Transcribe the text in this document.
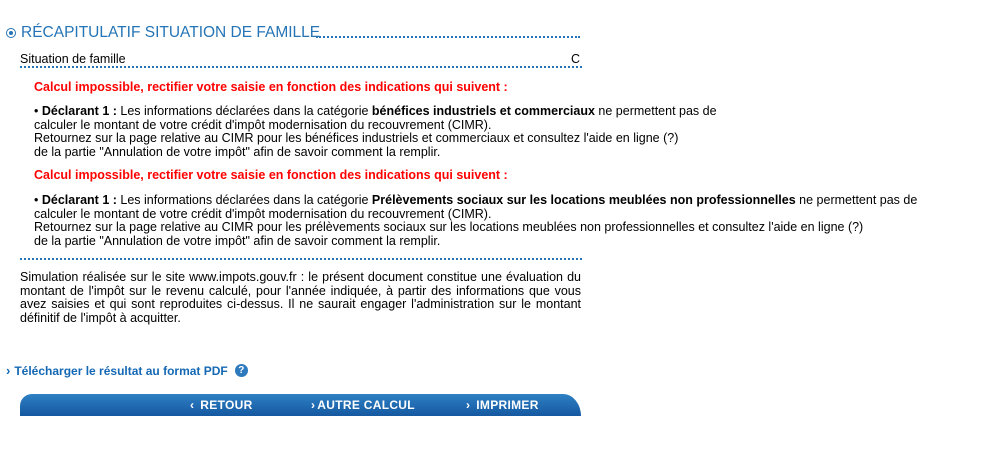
RÉCAPITULATIF SITUATION DE FAMILLE
Situation de famille	C
Calcul impossible, rectifier votre saisie en fonction des indications qui suivent :
• Déclarant 1 : Les informations déclarées dans la catégorie bénéfices industriels et commerciaux ne permettent pas de
calculer le montant de votre crédit d'impôt modernisation du recouvrement (CIMR).
Retournez sur la page relative au CIMR pour les bénéfices industriels et commerciaux et consultez l'aide en ligne (?)
de la partie "Annulation de votre impôt" afin de savoir comment la remplir.
Calcul impossible, rectifier votre saisie en fonction des indications qui suivent :
• Déclarant 1 : Les informations déclarées dans la catégorie Prélèvements sociaux sur les locations meublées non professionnelles ne permettent pas de
calculer le montant de votre crédit d'impôt modernisation du recouvrement (CIMR).
Retournez sur la page relative au CIMR pour les prélèvements sociaux sur les locations meublées non professionnelles et consultez l'aide en ligne (?)
de la partie "Annulation de votre impôt" afin de savoir comment la remplir.
Simulation réalisée sur le site www.impots.gouv.fr : le présent document constitue une évaluation du montant de l'impôt sur le revenu calculé, pour l'année indiquée, à partir des informations que vous avez saisies et qui sont reproduites ci-dessus. Il ne saurait engager l'administration sur le montant définitif de l'impôt à acquitter.
› Télécharger le résultat au format PDF	?
‹ RETOUR	› AUTRE CALCUL	› IMPRIMER
